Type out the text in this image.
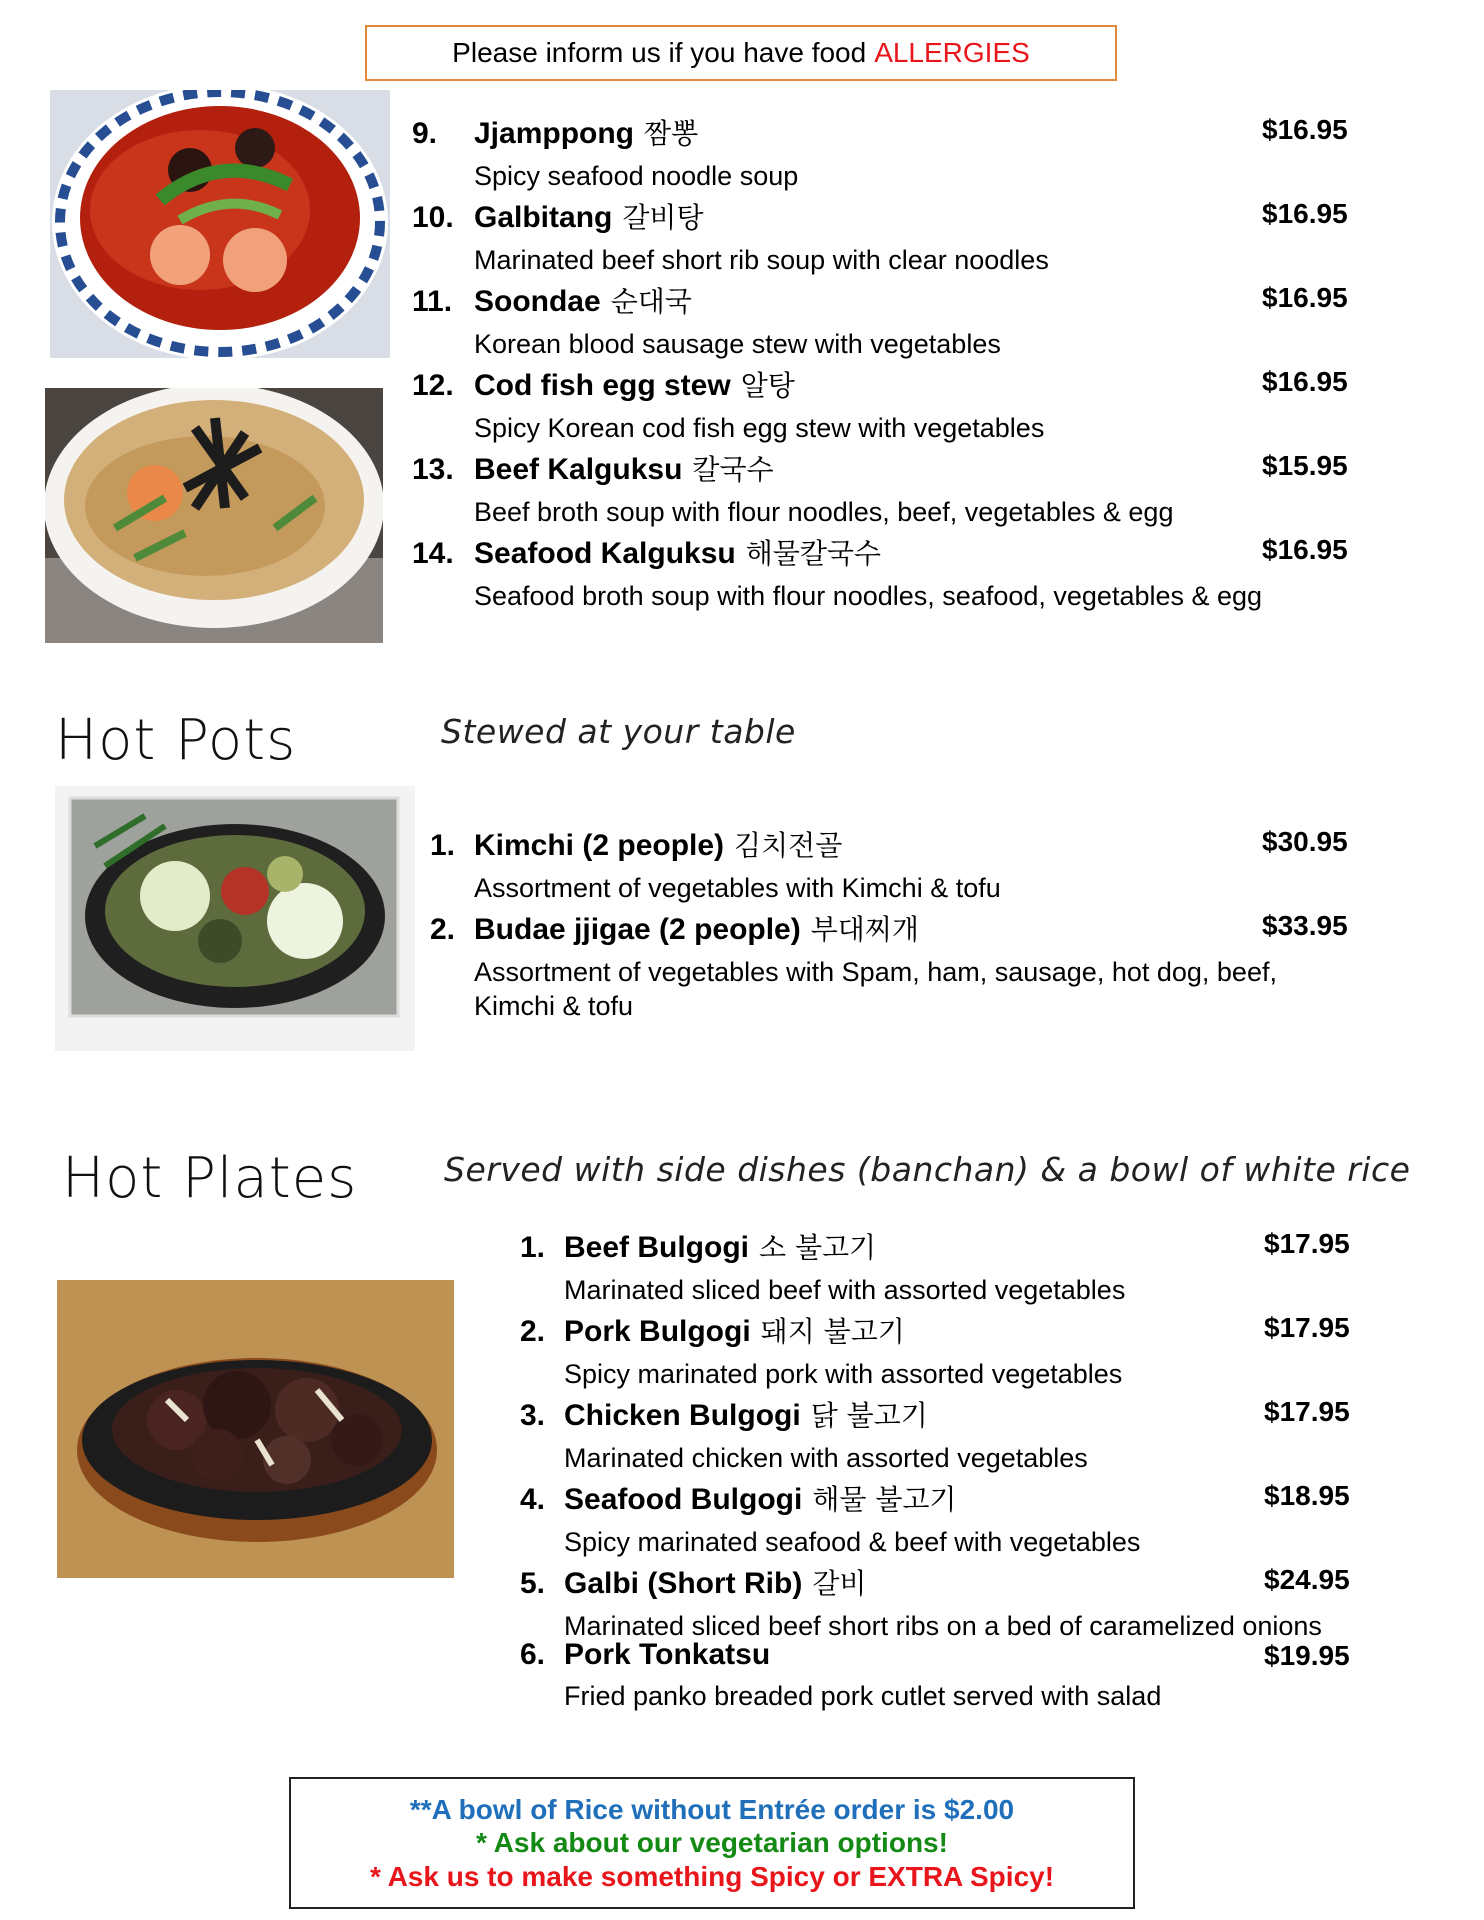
Please inform us if you have food ALLERGIES
9.	Jjamppong 짬뽕
Spicy seafood noodle soup
$16.95
10. Galbitang 갈비탕
Marinated beef short rib soup with clear noodles
$16.95
11. Soondae 순대국
Korean blood sausage stew with vegetables
$16.95
12. Cod fish egg stew 알탕
Spicy Korean cod fish egg stew with vegetables
$16.95
13. Beef Kalguksu 칼국수
Beef broth soup with flour noodles, beef, vegetables & egg
$15.95
14. Seafood Kalguksu 해물칼국수
Seafood broth soup with flour noodles, seafood, vegetables & egg
$16.95
Hot Pots	Stewed at your table
1. Kimchi (2 people) 김치전골
Assortment of vegetables with Kimchi & tofu
$30.95
2. Budae jjigae (2 people) 부대찌개
Assortment of vegetables with Spam, ham, sausage, hot dog, beef,
Kimchi & tofu
$33.95
Hot Plates	Served with side dishes (banchan) & a bowl of white rice
1. Beef Bulgogi 소 불고기
Marinated sliced beef with assorted vegetables
$17.95
2. Pork Bulgogi 돼지 불고기
Spicy marinated pork with assorted vegetables
$17.95
3. Chicken Bulgogi 닭 불고기
Marinated chicken with assorted vegetables
$17.95
4. Seafood Bulgogi 해물 불고기
Spicy marinated seafood & beef with vegetables
$18.95
5. Galbi (Short Rib) 갈비
Marinated sliced beef short ribs on a bed of caramelized onions
$24.95
6. Pork Tonkatsu
Fried panko breaded pork cutlet served with salad
$19.95
**A bowl of Rice without Entrée order is $2.00
* Ask about our vegetarian options!
* Ask us to make something Spicy or EXTRA Spicy!
